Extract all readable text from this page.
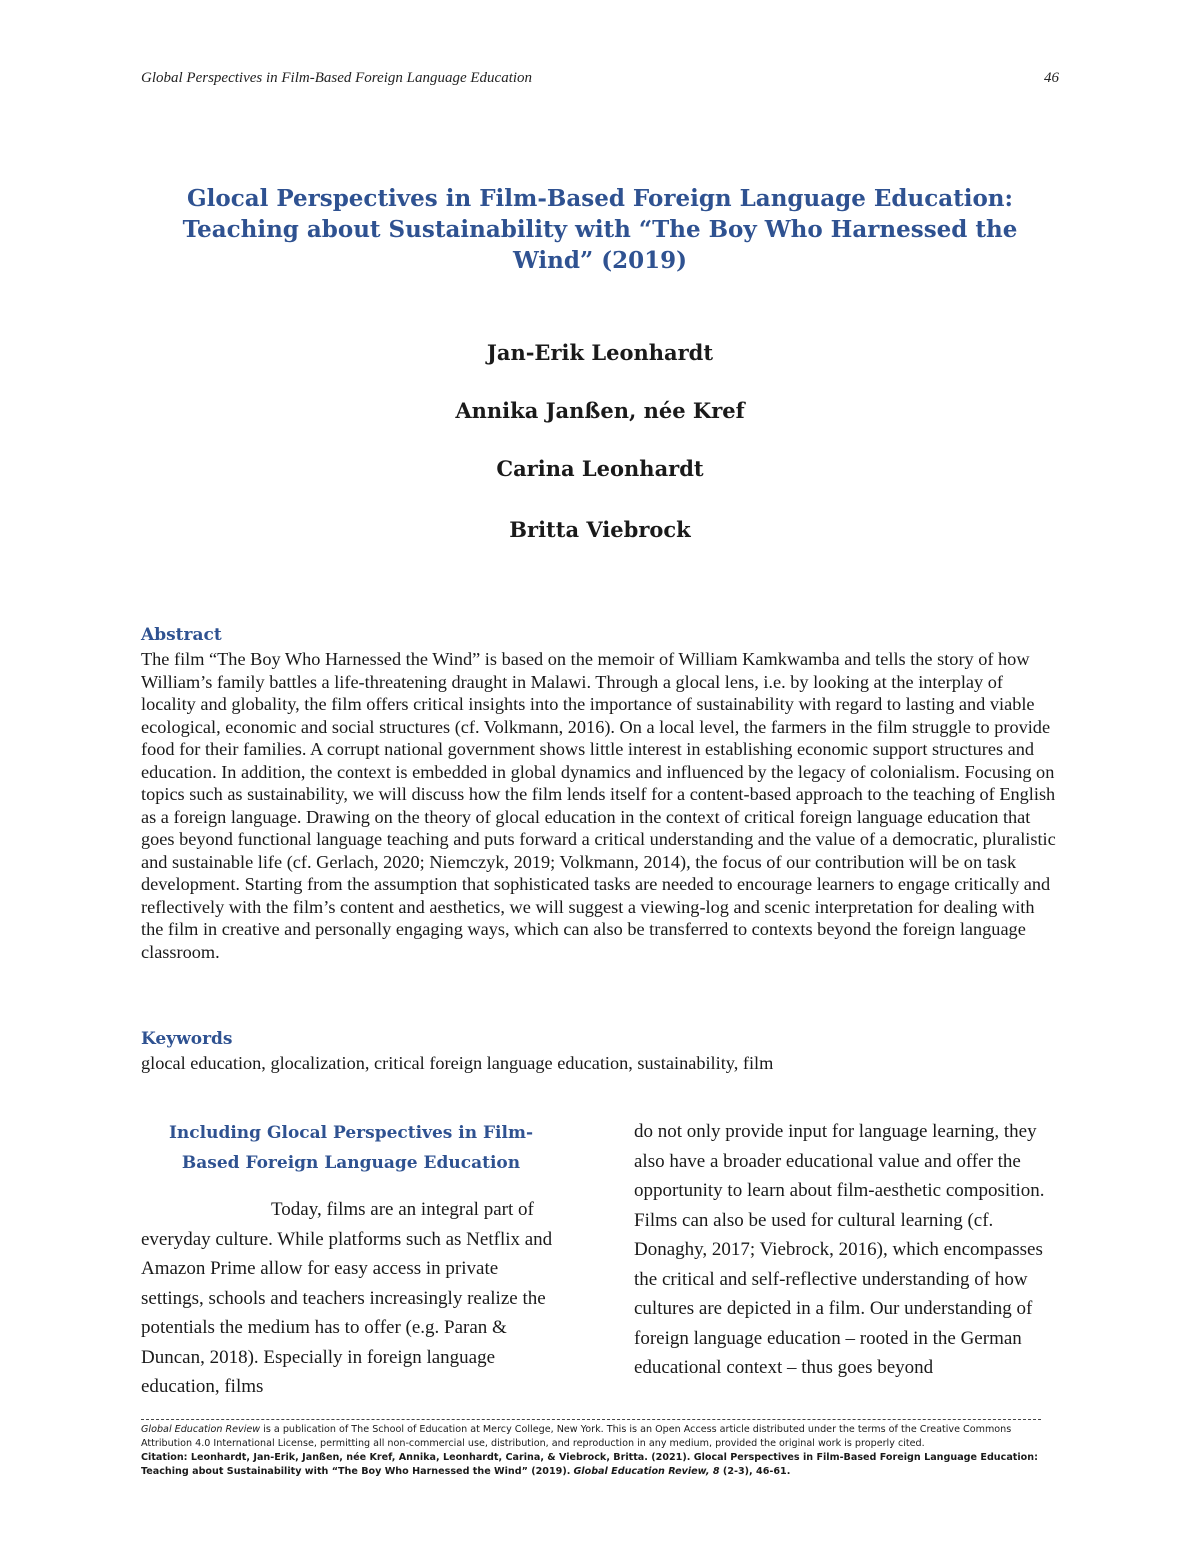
Global Perspectives in Film-Based Foreign Language Education	46
Glocal Perspectives in Film-Based Foreign Language Education:
Teaching about Sustainability with “The Boy Who Harnessed the
Wind” (2019)
Jan-Erik Leonhardt
Annika Janßen, née Kref
Carina Leonhardt
Britta Viebrock
Abstract

The film “The Boy Who Harnessed the Wind” is based on the memoir of William Kamkwamba and tells the story of how William’s family battles a life-threatening draught in Malawi. Through a glocal lens, i.e. by looking at the interplay of locality and globality, the film offers critical insights into the importance of sustainability with regard to lasting and viable ecological, economic and social structures (cf. Volkmann, 2016). On a local level, the farmers in the film struggle to provide food for their families. A corrupt national government shows little interest in establishing economic support structures and education. In addition, the context is embedded in global dynamics and influenced by the legacy of colonialism. Focusing on topics such as sustainability, we will discuss how the film lends itself for a content-based approach to the teaching of English as a foreign language. Drawing on the theory of glocal education in the context of critical foreign language education that goes beyond functional language teaching and puts forward a critical understanding and the value of a democratic, pluralistic and sustainable life (cf. Gerlach, 2020; Niemczyk, 2019; Volkmann, 2014), the focus of our contribution will be on task development. Starting from the assumption that sophisticated tasks are needed to encourage learners to engage critically and reflectively with the film’s content and aesthetics, we will suggest a viewing-log and scenic interpretation for dealing with the film in creative and personally engaging ways, which can also be transferred to contexts beyond the foreign language classroom.

Keywords

glocal education, glocalization, critical foreign language education, sustainability, film

Including Glocal Perspectives in Film-Based Foreign Language Education

Today, films are an integral part of everyday culture. While platforms such as Netflix and Amazon Prime allow for easy access in private settings, schools and teachers increasingly realize the potentials the medium has to offer (e.g. Paran & Duncan, 2018). Especially in foreign language education, films

do not only provide input for language learning, they also have a broader educational value and offer the opportunity to learn about film-aesthetic composition. Films can also be used for cultural learning (cf. Donaghy, 2017; Viebrock, 2016), which encompasses the critical and self-reflective understanding of how cultures are depicted in a film. Our understanding of foreign language education – rooted in the German educational context – thus goes beyond

Global Education Review is a publication of The School of Education at Mercy College, New York. This is an Open Access article distributed under the terms of the Creative Commons Attribution 4.0 International License, permitting all non-commercial use, distribution, and reproduction in any medium, provided the original work is properly cited.
Citation: Leonhardt, Jan-Erik, Janßen, née Kref, Annika, Leonhardt, Carina, & Viebrock, Britta. (2021). Glocal Perspectives in Film-Based Foreign Language Education: Teaching about Sustainability with “The Boy Who Harnessed the Wind” (2019). Global Education Review, 8 (2-3), 46-61.
